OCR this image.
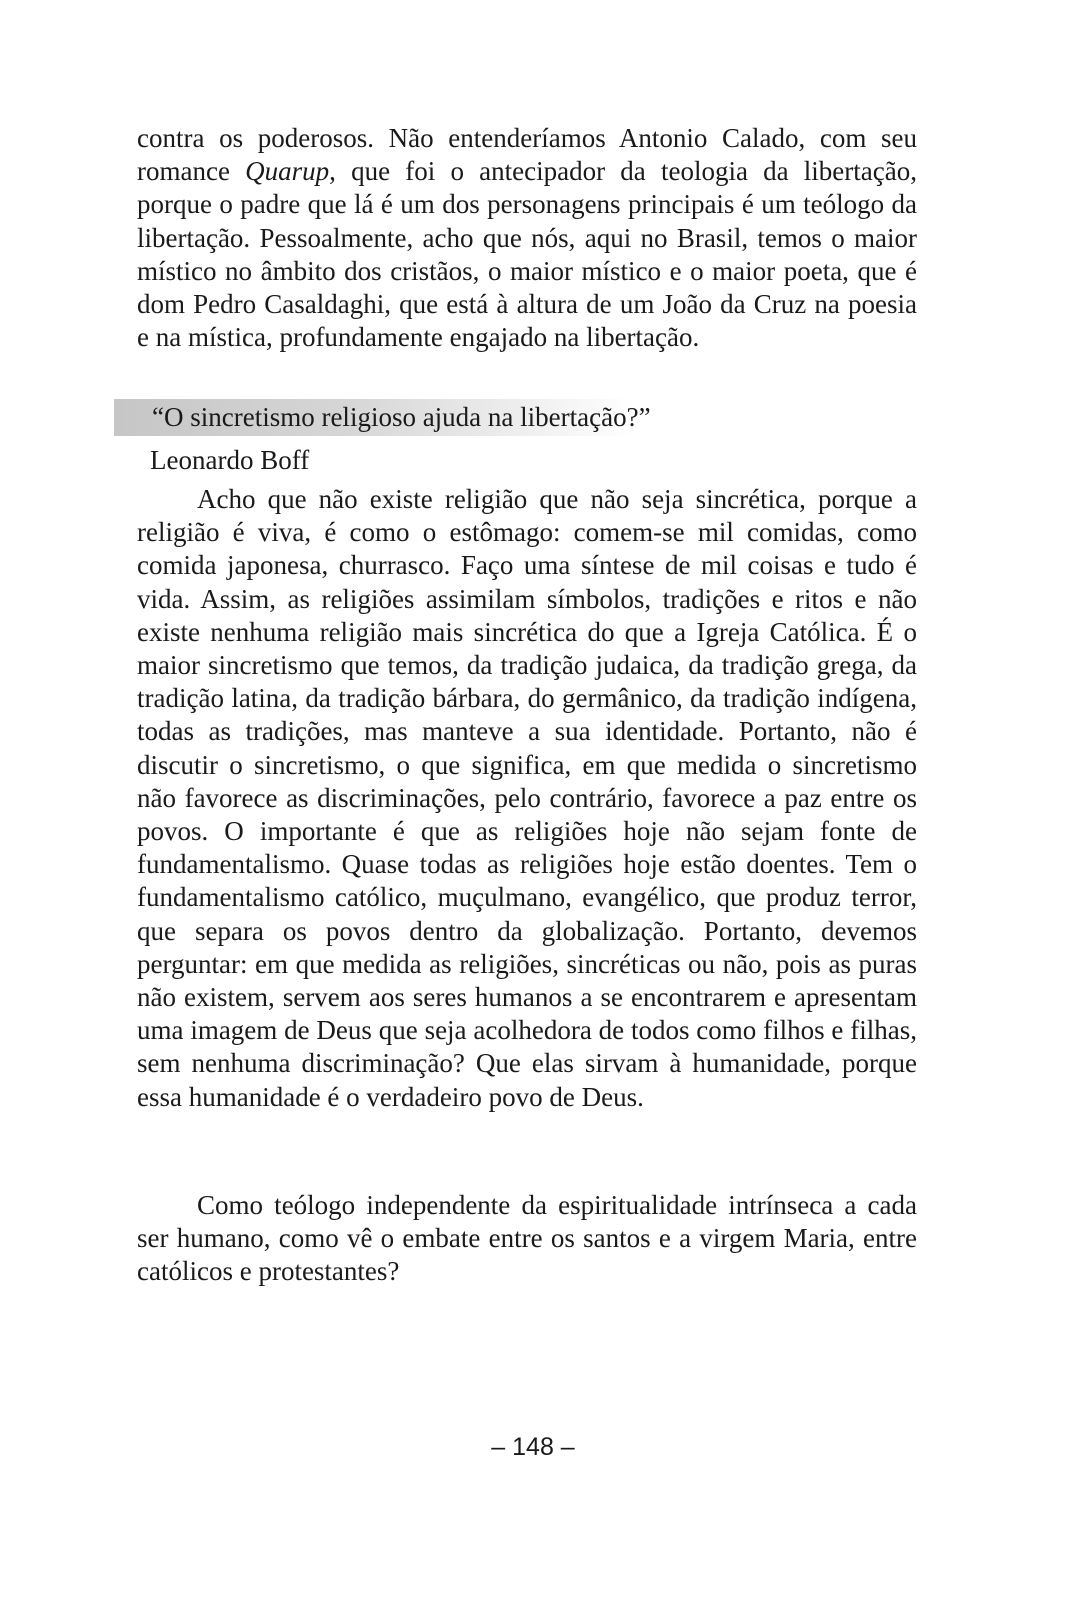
contra os poderosos. Não entenderíamos Antonio Calado, com seu romance Quarup, que foi o antecipador da teologia da libertação, porque o padre que lá é um dos personagens principais é um teólogo da libertação. Pessoalmente, acho que nós, aqui no Brasil, temos o maior místico no âmbito dos cristãos, o maior místico e o maior poeta, que é dom Pedro Casaldaghi, que está à altura de um João da Cruz na poesia e na mística, profundamente engajado na libertação.

“O sincretismo religioso ajuda na libertação?”
Leonardo Boff

Acho que não existe religião que não seja sincrética, porque a religião é viva, é como o estômago: comem-se mil comidas, como comida japonesa, churrasco. Faço uma síntese de mil coisas e tudo é vida. Assim, as religiões assimilam símbolos, tradições e ritos e não existe nenhuma religião mais sincrética do que a Igreja Católica. É o maior sincretismo que temos, da tradição judaica, da tradição grega, da tradição latina, da tradição bárbara, do germânico, da tradição indígena, todas as tradições, mas manteve a sua identidade. Portanto, não é discutir o sincretismo, o que significa, em que medida o sincretismo não favorece as discriminações, pelo contrário, favorece a paz entre os povos. O importante é que as religiões hoje não sejam fonte de fundamentalismo. Quase todas as religiões hoje estão doentes. Tem o fundamentalismo católico, muçulmano, evangélico, que produz terror, que separa os povos dentro da globalização. Portanto, devemos perguntar: em que medida as religiões, sincréticas ou não, pois as puras não existem, servem aos seres humanos a se encontrarem e apresentam uma imagem de Deus que seja acolhedora de todos como filhos e filhas, sem nenhuma discriminação? Que elas sirvam à humanidade, porque essa humanidade é o verdadeiro povo de Deus.

Como teólogo independente da espiritualidade intrínseca a cada ser humano, como vê o embate entre os santos e a virgem Maria, entre católicos e protestantes?

– 148 –
